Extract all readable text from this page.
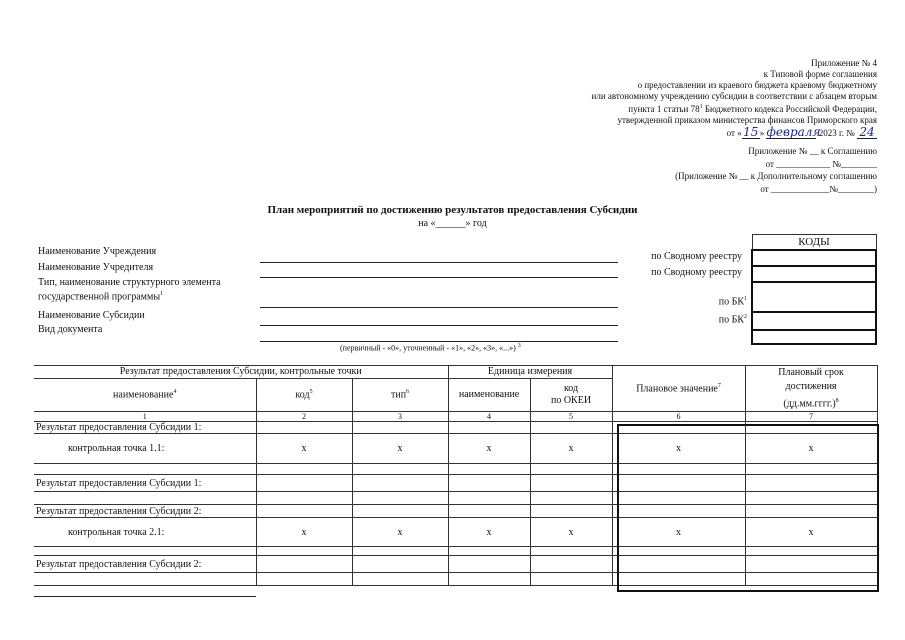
Приложение № 4
к Типовой форме соглашения
о предоставлении из краевого бюджета краевому бюджетному
или автономному учреждению субсидии в соответствии с абзацем вторым
пункта 1 статьи $78^1$ Бюджетного кодекса Российской Федерации,
утвержденной приказом министерства финансов Приморского края
от «15» февраля 2023 г. № 24
Приложение № __ к Соглашению
от ____________ №________
(Приложение № __ к Дополнительному соглашению
от _____________№________)
План мероприятий по достижению результатов предоставления Субсидии
на «______» год
Наименование Учреждения
Наименование Учредителя
Тип, наименование структурного элемента
государственной программы$^1$
Наименование Субсидии
Вид документа
(первичный - «0», уточненный - «1», «2», «3», «...») $^3$
по Сводному реестру
по Сводному реестру
по $БК^1$
по $БК^2$
КОДЫ

Результат предоставления Субсидии, контрольные точки			Единица измерения		Плановое значение$^7$	Плановый срок
достижения
(дд.мм.гггг.)$^8$

наименование$^4$	код$^5$	тип$^6$	наименование	код
по ОКЕИ		

1	2	3	4	5	6	7
Результат предоставления Субсидии 1:						
контрольная точка 1.1:	x	x	x	x	x	x

Результат предоставления Субсидии 1:						

Результат предоставления Субсидии 2:						
контрольная точка 2.1:	x	x	x	x	x	x

Результат предоставления Субсидии 2:						
